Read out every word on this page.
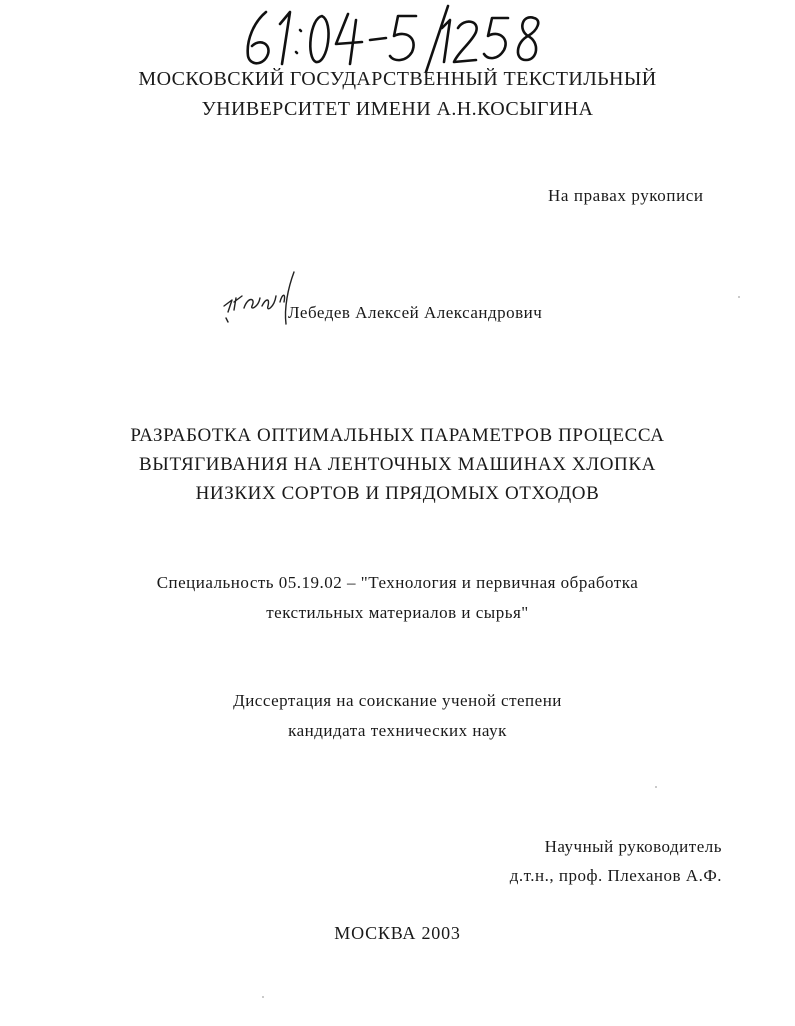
МОСКОВСКИЙ ГОСУДАРСТВЕННЫЙ ТЕКСТИЛЬНЫЙ
УНИВЕРСИТЕТ ИМЕНИ А.Н.КОСЫГИНА
На правах рукописи
Лебедев Алексей Александрович
РАЗРАБОТКА ОПТИМАЛЬНЫХ ПАРАМЕТРОВ ПРОЦЕССА
ВЫТЯГИВАНИЯ НА ЛЕНТОЧНЫХ МАШИНАХ ХЛОПКА
НИЗКИХ СОРТОВ И ПРЯДОМЫХ ОТХОДОВ
Специальность 05.19.02 – "Технология и первичная обработка
текстильных материалов и сырья"
Диссертация на соискание ученой степени
кандидата технических наук
Научный руководитель
д.т.н., проф. Плеханов А.Ф.
МОСКВА 2003
